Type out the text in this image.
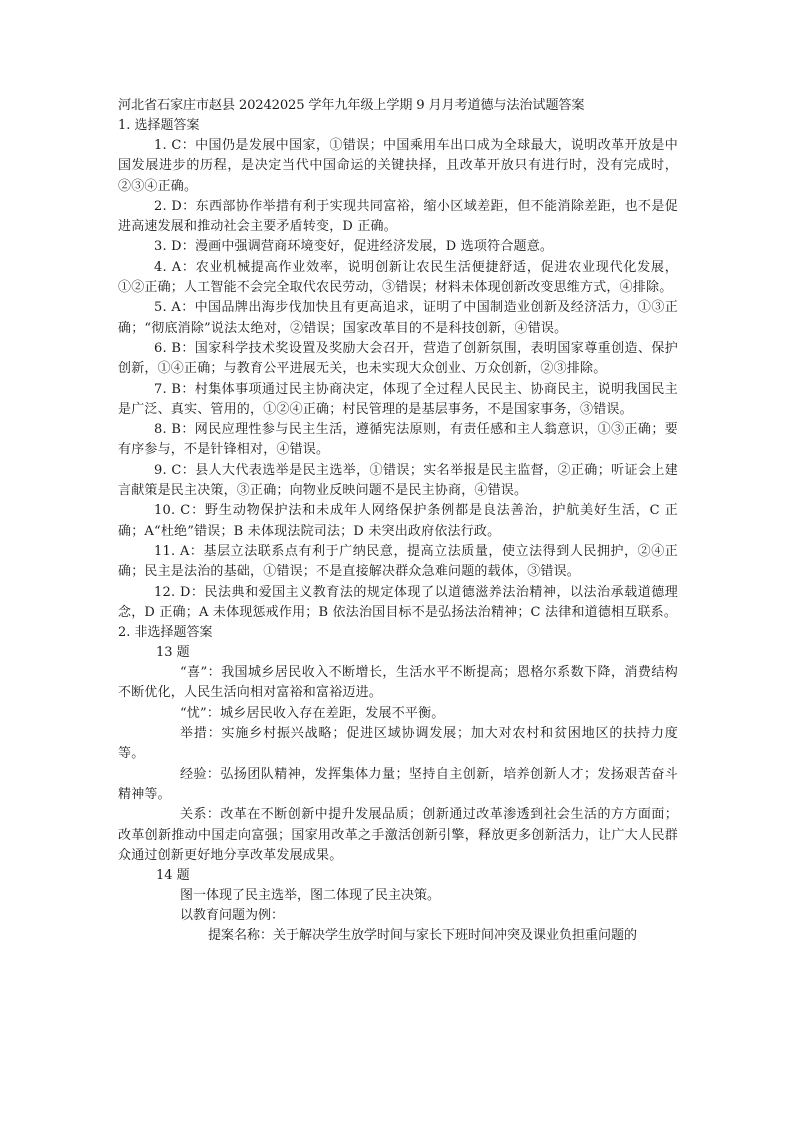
河北省石家庄市赵县 20242025 学年九年级上学期 9 月月考道德与法治试题答案
1. 选择题答案

1. C：中国仍是发展中国家，①错误；中国乘用车出口成为全球最大，说明改革开放是中国发展进步的历程，是决定当代中国命运的关键抉择，且改革开放只有进行时，没有完成时，②③④正确。

2. D：东西部协作举措有利于实现共同富裕，缩小区域差距，但不能消除差距，也不是促进高速发展和推动社会主要矛盾转变，D 正确。

3. D：漫画中强调营商环境变好，促进经济发展，D 选项符合题意。

4. A：农业机械提高作业效率，说明创新让农民生活便捷舒适，促进农业现代化发展，①②正确；人工智能不会完全取代农民劳动，③错误；材料未体现创新改变思维方式，④排除。

5. A：中国品牌出海步伐加快且有更高追求，证明了中国制造业创新及经济活力，①③正确；“彻底消除”说法太绝对，②错误；国家改革目的不是科技创新，④错误。

6. B：国家科学技术奖设置及奖励大会召开，营造了创新氛围，表明国家尊重创造、保护创新，①④正确；与教育公平进展无关，也未实现大众创业、万众创新，②③排除。

7. B：村集体事项通过民主协商决定，体现了全过程人民民主、协商民主，说明我国民主是广泛、真实、管用的，①②④正确；村民管理的是基层事务，不是国家事务，③错误。

8. B：网民应理性参与民主生活，遵循宪法原则，有责任感和主人翁意识，①③正确；要有序参与，不是针锋相对，④错误。

9. C：县人大代表选举是民主选举，①错误；实名举报是民主监督，②正确；听证会上建言献策是民主决策，③正确；向物业反映问题不是民主协商，④错误。

10. C：野生动物保护法和未成年人网络保护条例都是良法善治，护航美好生活，C 正确；A“杜绝”错误；B 未体现法院司法；D 未突出政府依法行政。

11. A：基层立法联系点有利于广纳民意，提高立法质量，使立法得到人民拥护，②④正确；民主是法治的基础，①错误；不是直接解决群众急难问题的载体，③错误。

12. D：民法典和爱国主义教育法的规定体现了以道德滋养法治精神，以法治承载道德理念，D 正确；A 未体现惩戒作用；B 依法治国目标不是弘扬法治精神；C 法律和道德相互联系。

2. 非选择题答案
13 题

“喜”：我国城乡居民收入不断增长，生活水平不断提高；恩格尔系数下降，消费结构不断优化，人民生活向相对富裕和富裕迈进。

“忧”：城乡居民收入存在差距，发展不平衡。

举措：实施乡村振兴战略；促进区域协调发展；加大对农村和贫困地区的扶持力度等。

经验：弘扬团队精神，发挥集体力量；坚持自主创新，培养创新人才；发扬艰苦奋斗精神等。

关系：改革在不断创新中提升发展品质；创新通过改革渗透到社会生活的方方面面；改革创新推动中国走向富强；国家用改革之手激活创新引擎，释放更多创新活力，让广大人民群众通过创新更好地分享改革发展成果。

14 题
图一体现了民主选举，图二体现了民主决策。
以教育问题为例：
提案名称：关于解决学生放学时间与家长下班时间冲突及课业负担重问题的
